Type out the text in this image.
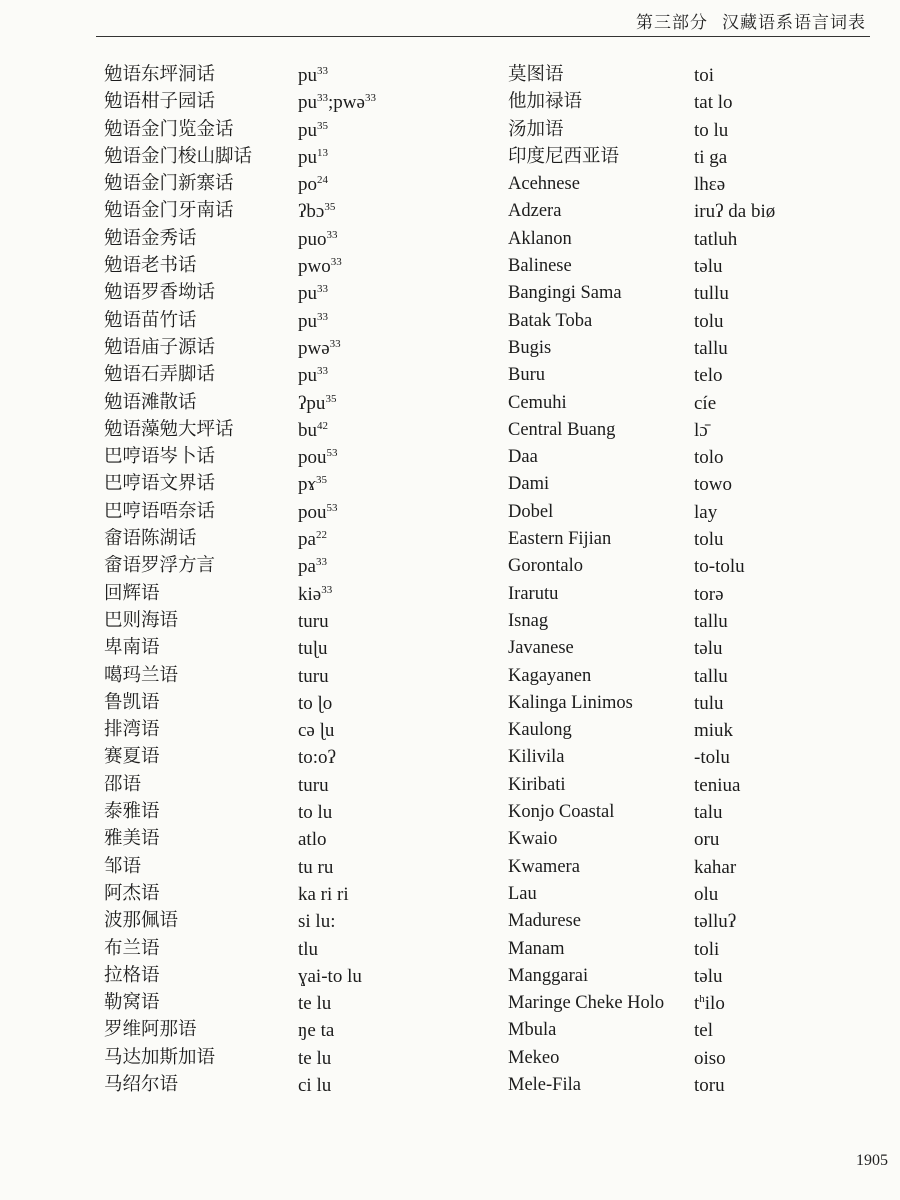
第三部分 汉藏语系语言词表
勉语东坪洞话	$pu^{33}$
勉语柑子园话	$pu^{33};pwə^{33}$
勉语金门览金话	$pu^{35}$
勉语金门梭山脚话	$pu^{13}$
勉语金门新寨话	$po^{24}$
勉语金门牙南话	ʔbɔ$^{35}$
勉语金秀话	puo$^{33}$
勉语老书话	pwo$^{33}$
勉语罗香坳话	$pu^{33}$
勉语苗竹话	$pu^{33}$
勉语庙子源话	pwə$^{33}$
勉语石弄脚话	$pu^{33}$
勉语滩散话	ʔpu$^{35}$
勉语藻勉大坪话	$bu^{42}$
巴哼语岑卜话	pou$^{53}$
巴哼语文界话	pɤ$^{35}$
巴哼语唔奈话	pou$^{53}$
畲语陈湖话	$pa^{22}$
畲语罗浮方言	$pa^{33}$
回辉语	kiə$^{33}$
巴则海语	turu
卑南语	tuɭu
噶玛兰语	turu
鲁凯语	to ɭo
排湾语	cə ɭu
赛夏语	to:oʔ
邵语	turu
泰雅语	to lu
雅美语	atlo
邹语	tu ru
阿杰语	ka ri ri
波那佩语	si lu:
布兰语	tlu
拉格语	ɣai-to lu
勒窝语	te lu
罗维阿那语	ŋe ta
马达加斯加语	te lu
马绍尔语	ci lu
莫图语	toi
他加禄语	tat lo
汤加语	to lu
印度尼西亚语	ti ga
Acehnese	lhɛə
Adzera	iruʔ da biø
Aklanon	tatluh
Balinese	təlu
Bangingi Sama	tullu
Batak Toba	tolu
Bugis	tallu
Buru	telo
Cemuhi	cíe
Central Buang	lɔ̄
Daa	tolo
Dami	towo
Dobel	lay
Eastern Fijian	tolu
Gorontalo	to-tolu
Irarutu	torə
Isnag	tallu
Javanese	təlu
Kagayanen	tallu
Kalinga Linimos	tulu
Kaulong	miuk
Kilivila	-tolu
Kiribati	teniua
Konjo Coastal	talu
Kwaio	oru
Kwamera	kahar
Lau	olu
Madurese	təlluʔ
Manam	toli
Manggarai	təlu
Maringe Cheke Holo	$t^hilo$
Mbula	tel
Mekeo	oiso
Mele-Fila	toru
1905
